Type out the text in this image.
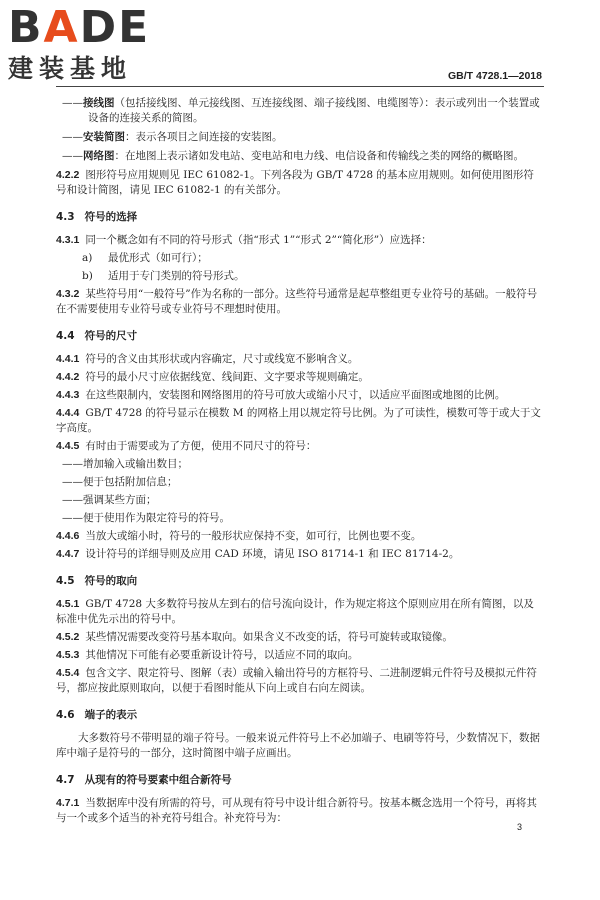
BADE
建装基地	GB/T 4728.1—2018

——接线图（包括接线图、单元接线图、互连接线图、端子接线图、电缆图等）：表示或列出一个装置或设备的连接关系的简图。

——安装简图：表示各项目之间连接的安装图。

——网络图：在地图上表示诸如发电站、变电站和电力线、电信设备和传输线之类的网络的概略图。

4.2.2 图形符号应用规则见 IEC 61082-1。下列各段为 GB/T 4728 的基本应用规则。如何使用图形符号和设计简图，请见 IEC 61082-1 的有关部分。

4.3 符号的选择

4.3.1 同一个概念如有不同的符号形式（指“形式 1”“形式 2”“简化形”）应选择：

a) 最优形式（如可行）；

b) 适用于专门类别的符号形式。

4.3.2 某些符号用“一般符号”作为名称的一部分。这些符号通常是起草整组更专业符号的基础。一般符号在不需要使用专业符号或专业符号不理想时使用。

4.4 符号的尺寸

4.4.1 符号的含义由其形状或内容确定，尺寸或线宽不影响含义。

4.4.2 符号的最小尺寸应依据线宽、线间距、文字要求等规则确定。

4.4.3 在这些限制内，安装图和网络图用的符号可放大或缩小尺寸，以适应平面图或地图的比例。

4.4.4 GB/T 4728 的符号显示在模数 M 的网格上用以规定符号比例。为了可读性，模数可等于或大于文字高度。

4.4.5 有时由于需要或为了方便，使用不同尺寸的符号：

——增加输入或输出数目；

——便于包括附加信息；

——强调某些方面；

——便于使用作为限定符号的符号。

4.4.6 当放大或缩小时，符号的一般形状应保持不变，如可行，比例也要不变。

4.4.7 设计符号的详细导则及应用 CAD 环境，请见 ISO 81714-1 和 IEC 81714-2。

4.5 符号的取向

4.5.1 GB/T 4728 大多数符号按从左到右的信号流向设计，作为规定将这个原则应用在所有简图，以及标准中优先示出的符号中。

4.5.2 某些情况需要改变符号基本取向。如果含义不改变的话，符号可旋转或取镜像。

4.5.3 其他情况下可能有必要重新设计符号，以适应不同的取向。

4.5.4 包含文字、限定符号、图解（表）或输入输出符号的方框符号、二进制逻辑元件符号及模拟元件符号，都应按此原则取向，以便于看图时能从下向上或自右向左阅读。

4.6 端子的表示

大多数符号不带明显的端子符号。一般来说元件符号上不必加端子、电刷等符号，少数情况下，数据库中端子是符号的一部分，这时简图中端子应画出。

4.7 从现有的符号要素中组合新符号

4.7.1 当数据库中没有所需的符号，可从现有符号中设计组合新符号。按基本概念选用一个符号，再将其与一个或多个适当的补充符号组合。补充符号为：

3
